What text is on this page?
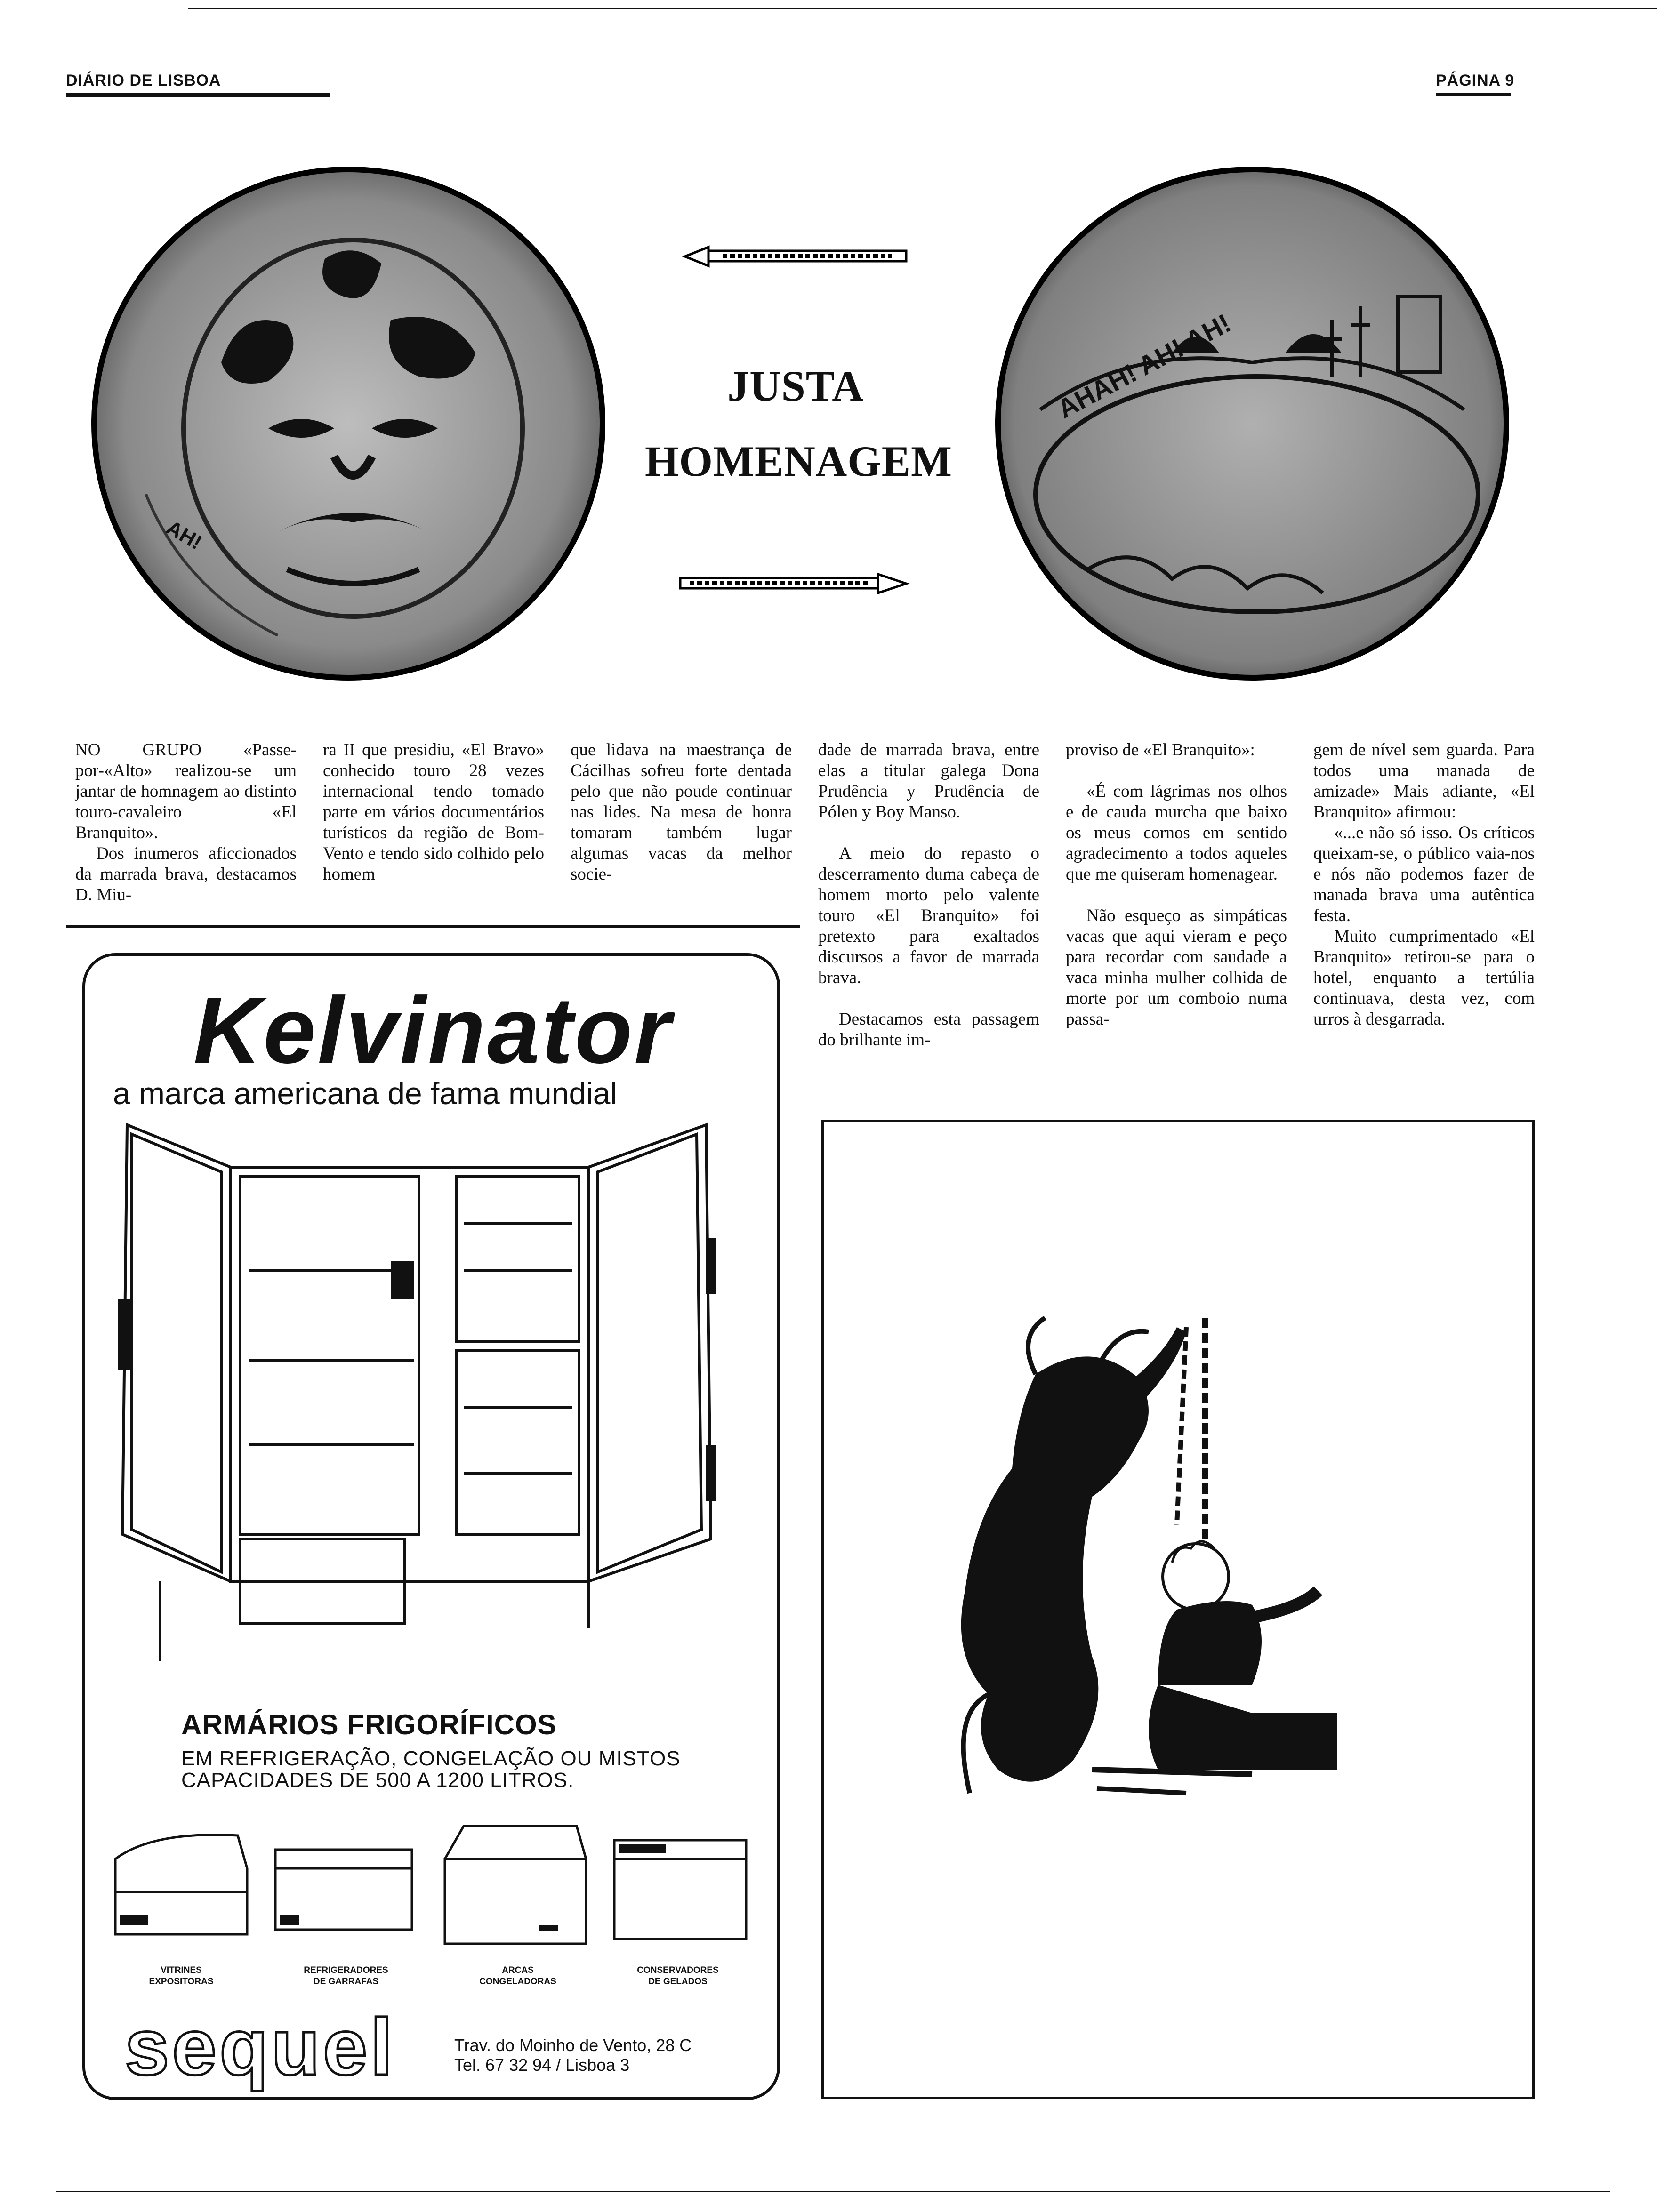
DIÁRIO DE LISBOA	PÁGINA 9
AH!
JUSTA
HOMENAGEM
AHAH! AH! AH!

NO GRUPO «Passe-por-«Alto» realizou-se um jantar de homnagem ao distinto touro-cavaleiro «El Branquito».

Dos inumeros aficcionados da marrada brava, destacamos D. Miu-

ra II que presidiu, «El Bravo» conhecido touro 28 vezes internacional tendo tomado parte em vários documentários turísticos da região de Bom-Vento e tendo sido colhido pelo homem

que lidava na maestrança de Cácilhas sofreu forte dentada pelo que não poude continuar nas lides. Na mesa de honra tomaram também lugar algumas vacas da melhor socie-

dade de marrada brava, entre elas a titular galega Dona Prudência y Prudência de Pólen y Boy Manso.

A meio do repasto o descerramento duma cabeça de homem morto pelo valente touro «El Branquito» foi pretexto para exaltados discursos a favor de marrada brava.

Destacamos esta passagem do brilhante im-

proviso de «El Branquito»:

«É com lágrimas nos olhos e de cauda murcha que baixo os meus cornos em sentido agradecimento a todos aqueles que me quiseram homenagear.

Não esqueço as simpáticas vacas que aqui vieram e peço para recordar com saudade a vaca minha mulher colhida de morte por um comboio numa passa-

gem de nível sem guarda. Para todos uma manada de amizade» Mais adiante, «El Branquito» afirmou:

«...e não só isso. Os críticos queixam-se, o público vaia-nos e nós não podemos fazer de manada brava uma autêntica festa.

Muito cumprimentado «El Branquito» retirou-se para o hotel, enquanto a tertúlia continuava, desta vez, com urros à desgarrada.

Kelvinator
a marca americana de fama mundial
ARMÁRIOS FRIGORÍFICOS
EM REFRIGERAÇÃO, CONGELAÇÃO OU MISTOS
CAPACIDADES DE 500 A 1200 LITROS.
VITRINES
EXPOSITORAS
REFRIGERADORES
DE GARRAFAS
ARCAS
CONGELADORAS
CONSERVADORES
DE GELADOS
sequel	Trav. do Moinho de Vento, 28 C
Tel. 67 32 94 / Lisboa 3
